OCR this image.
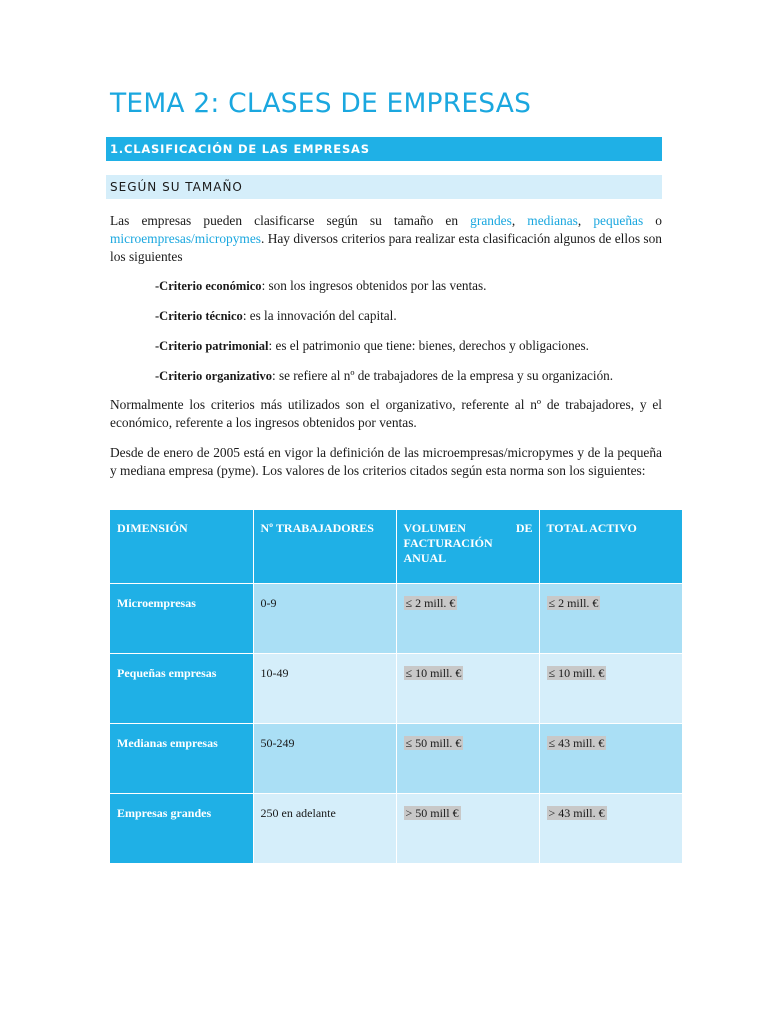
TEMA 2: CLASES DE EMPRESAS
1.CLASIFICACIÓN DE LAS EMPRESAS
SEGÚN SU TAMAÑO
Las empresas pueden clasificarse según su tamaño en grandes, medianas, pequeñas o microempresas/micropymes. Hay diversos criterios para realizar esta clasificación algunos de ellos son los siguientes
-Criterio económico: son los ingresos obtenidos por las ventas.
-Criterio técnico: es la innovación del capital.
-Criterio patrimonial: es el patrimonio que tiene: bienes, derechos y obligaciones.
-Criterio organizativo: se refiere al nº de trabajadores de la empresa y su organización.
Normalmente los criterios más utilizados son el organizativo, referente al nº de trabajadores, y el económico, referente a los ingresos obtenidos por ventas.
Desde de enero de 2005 está en vigor la definición de las microempresas/micropymes y de la pequeña y mediana empresa (pyme). Los valores de los criterios citados según esta norma son los siguientes:
DIMENSIÓN	Nº TRABAJADORES	VOLUMEN DE FACTURACIÓN ANUAL	TOTAL ACTIVO
Microempresas	0-9	≤ 2 mill. €	≤ 2 mill. €
Pequeñas empresas	10-49	≤ 10 mill. €	≤ 10 mill. €
Medianas empresas	50-249	≤ 50 mill. €	≤ 43 mill. €
Empresas grandes	250 en adelante	> 50 mill €	> 43 mill. €
